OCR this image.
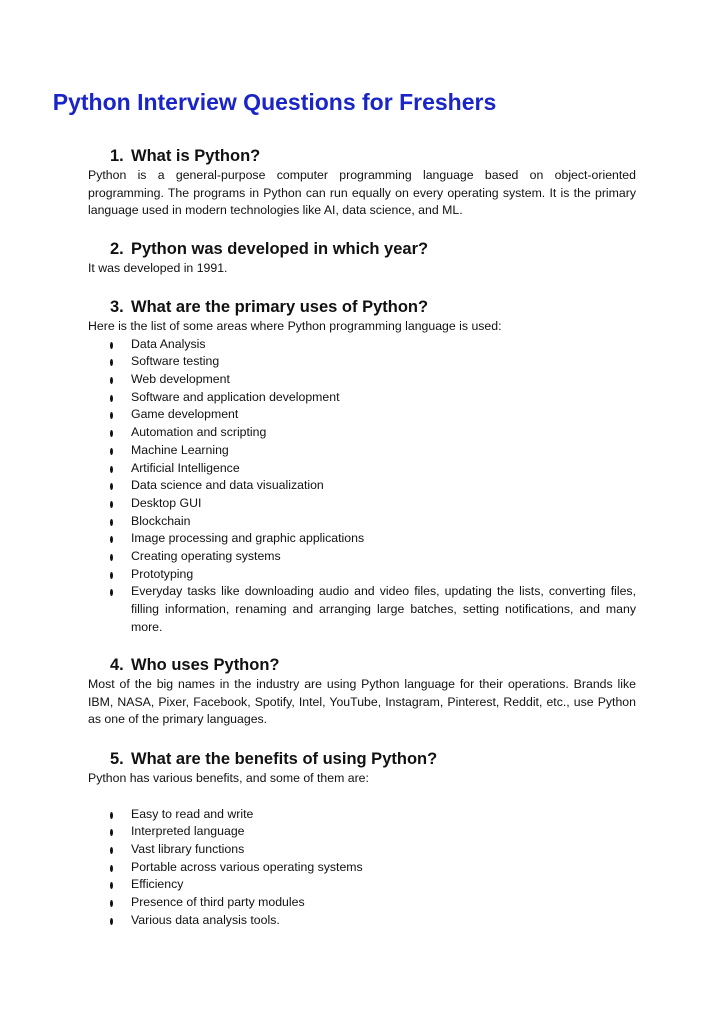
Python Interview Questions for Freshers
1. What is Python?

Python is a general-purpose computer programming language based on object-oriented programming. The programs in Python can run equally on every operating system. It is the primary language used in modern technologies like AI, data science, and ML.

2. Python was developed in which year?

It was developed in 1991.

3. What are the primary uses of Python?

Here is the list of some areas where Python programming language is used:

Data Analysis
Software testing
Web development
Software and application development
Game development
Automation and scripting
Machine Learning
Artificial Intelligence
Data science and data visualization
Desktop GUI
Blockchain
Image processing and graphic applications
Creating operating systems
Prototyping
Everyday tasks like downloading audio and video files, updating the lists, converting files, filling information, renaming and arranging large batches, setting notifications, and many more.
4. Who uses Python?

Most of the big names in the industry are using Python language for their operations. Brands like IBM, NASA, Pixer, Facebook, Spotify, Intel, YouTube, Instagram, Pinterest, Reddit, etc., use Python as one of the primary languages.

5. What are the benefits of using Python?

Python has various benefits, and some of them are:

Easy to read and write
Interpreted language
Vast library functions
Portable across various operating systems
Efficiency
Presence of third party modules
Various data analysis tools.
